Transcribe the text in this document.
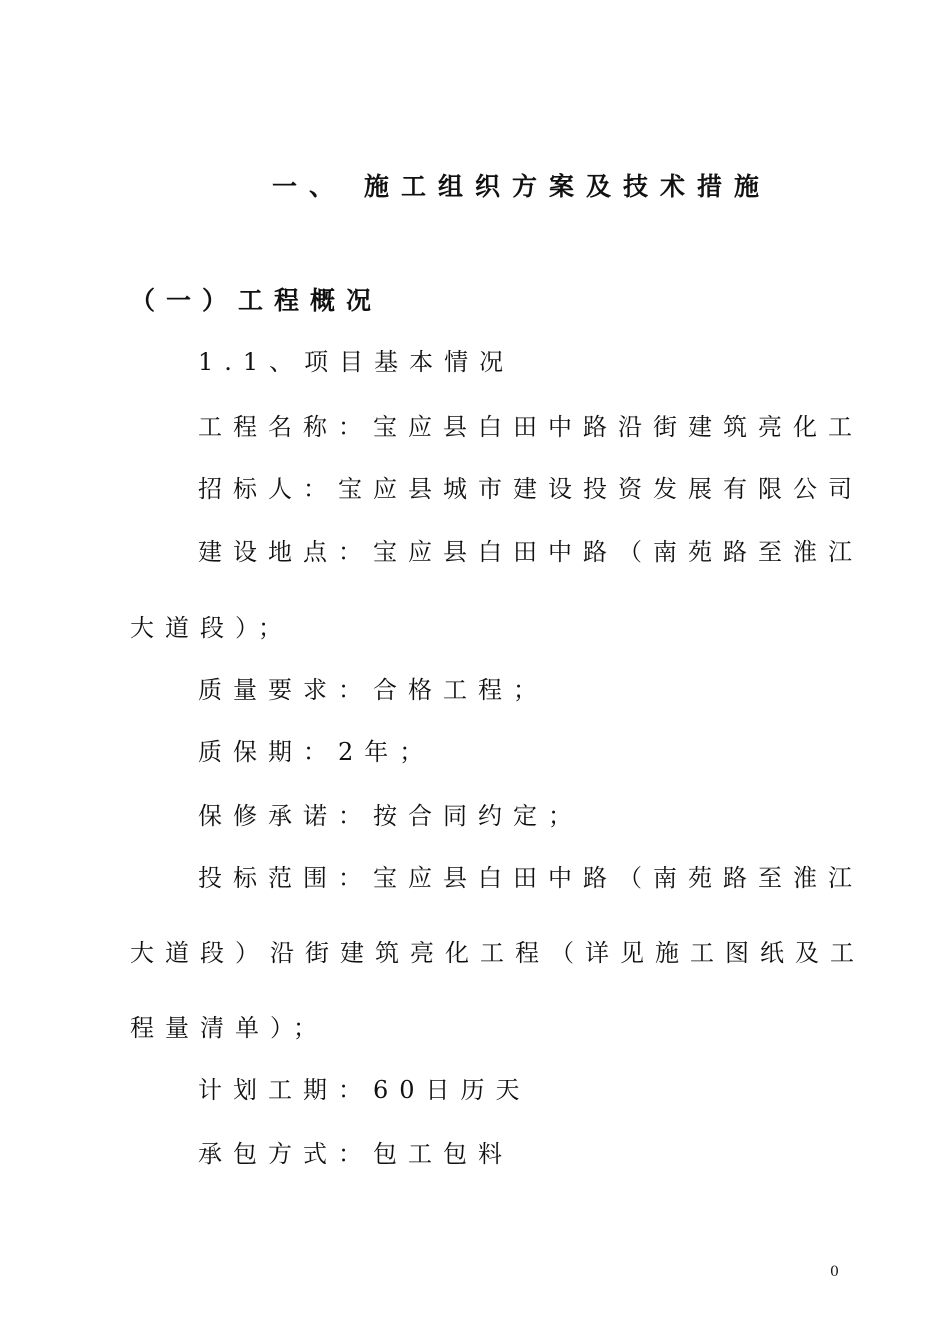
一、 施工组织方案及技术措施
（一）工程概况
1.1、项目基本情况
工程名称：宝应县白田中路沿街建筑亮化工
招标人：宝应县城市建设投资发展有限公司
建设地点：宝应县白田中路（南苑路至淮江
大道段）；
质量要求：合格工程；
质保期：2年；
保修承诺：按合同约定；
投标范围：宝应县白田中路（南苑路至淮江
大道段）沿街建筑亮化工程（详见施工图纸及工
程量清单）；
计划工期：60日历天
承包方式：包工包料
0
